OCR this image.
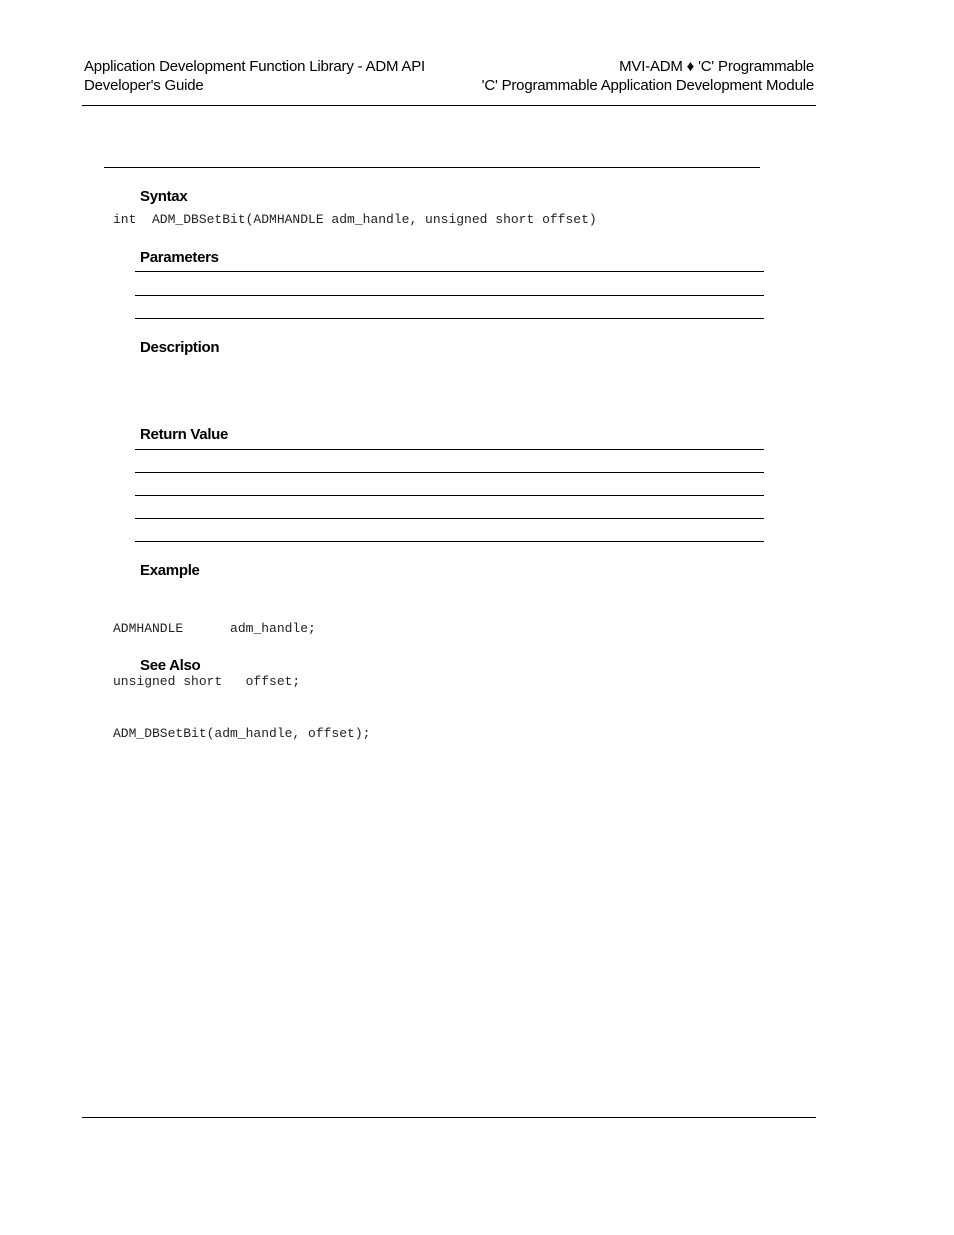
Application Development Function Library - ADM API
Developer's Guide
MVI-ADM ♦ 'C' Programmable
'C' Programmable Application Development Module
Syntax
int  ADM_DBSetBit(ADMHANDLE adm_handle, unsigned short offset)
Parameters
Description
Return Value
Example

ADMHANDLE      adm_handle;

unsigned short   offset;

ADM_DBSetBit(adm_handle, offset);

See Also
